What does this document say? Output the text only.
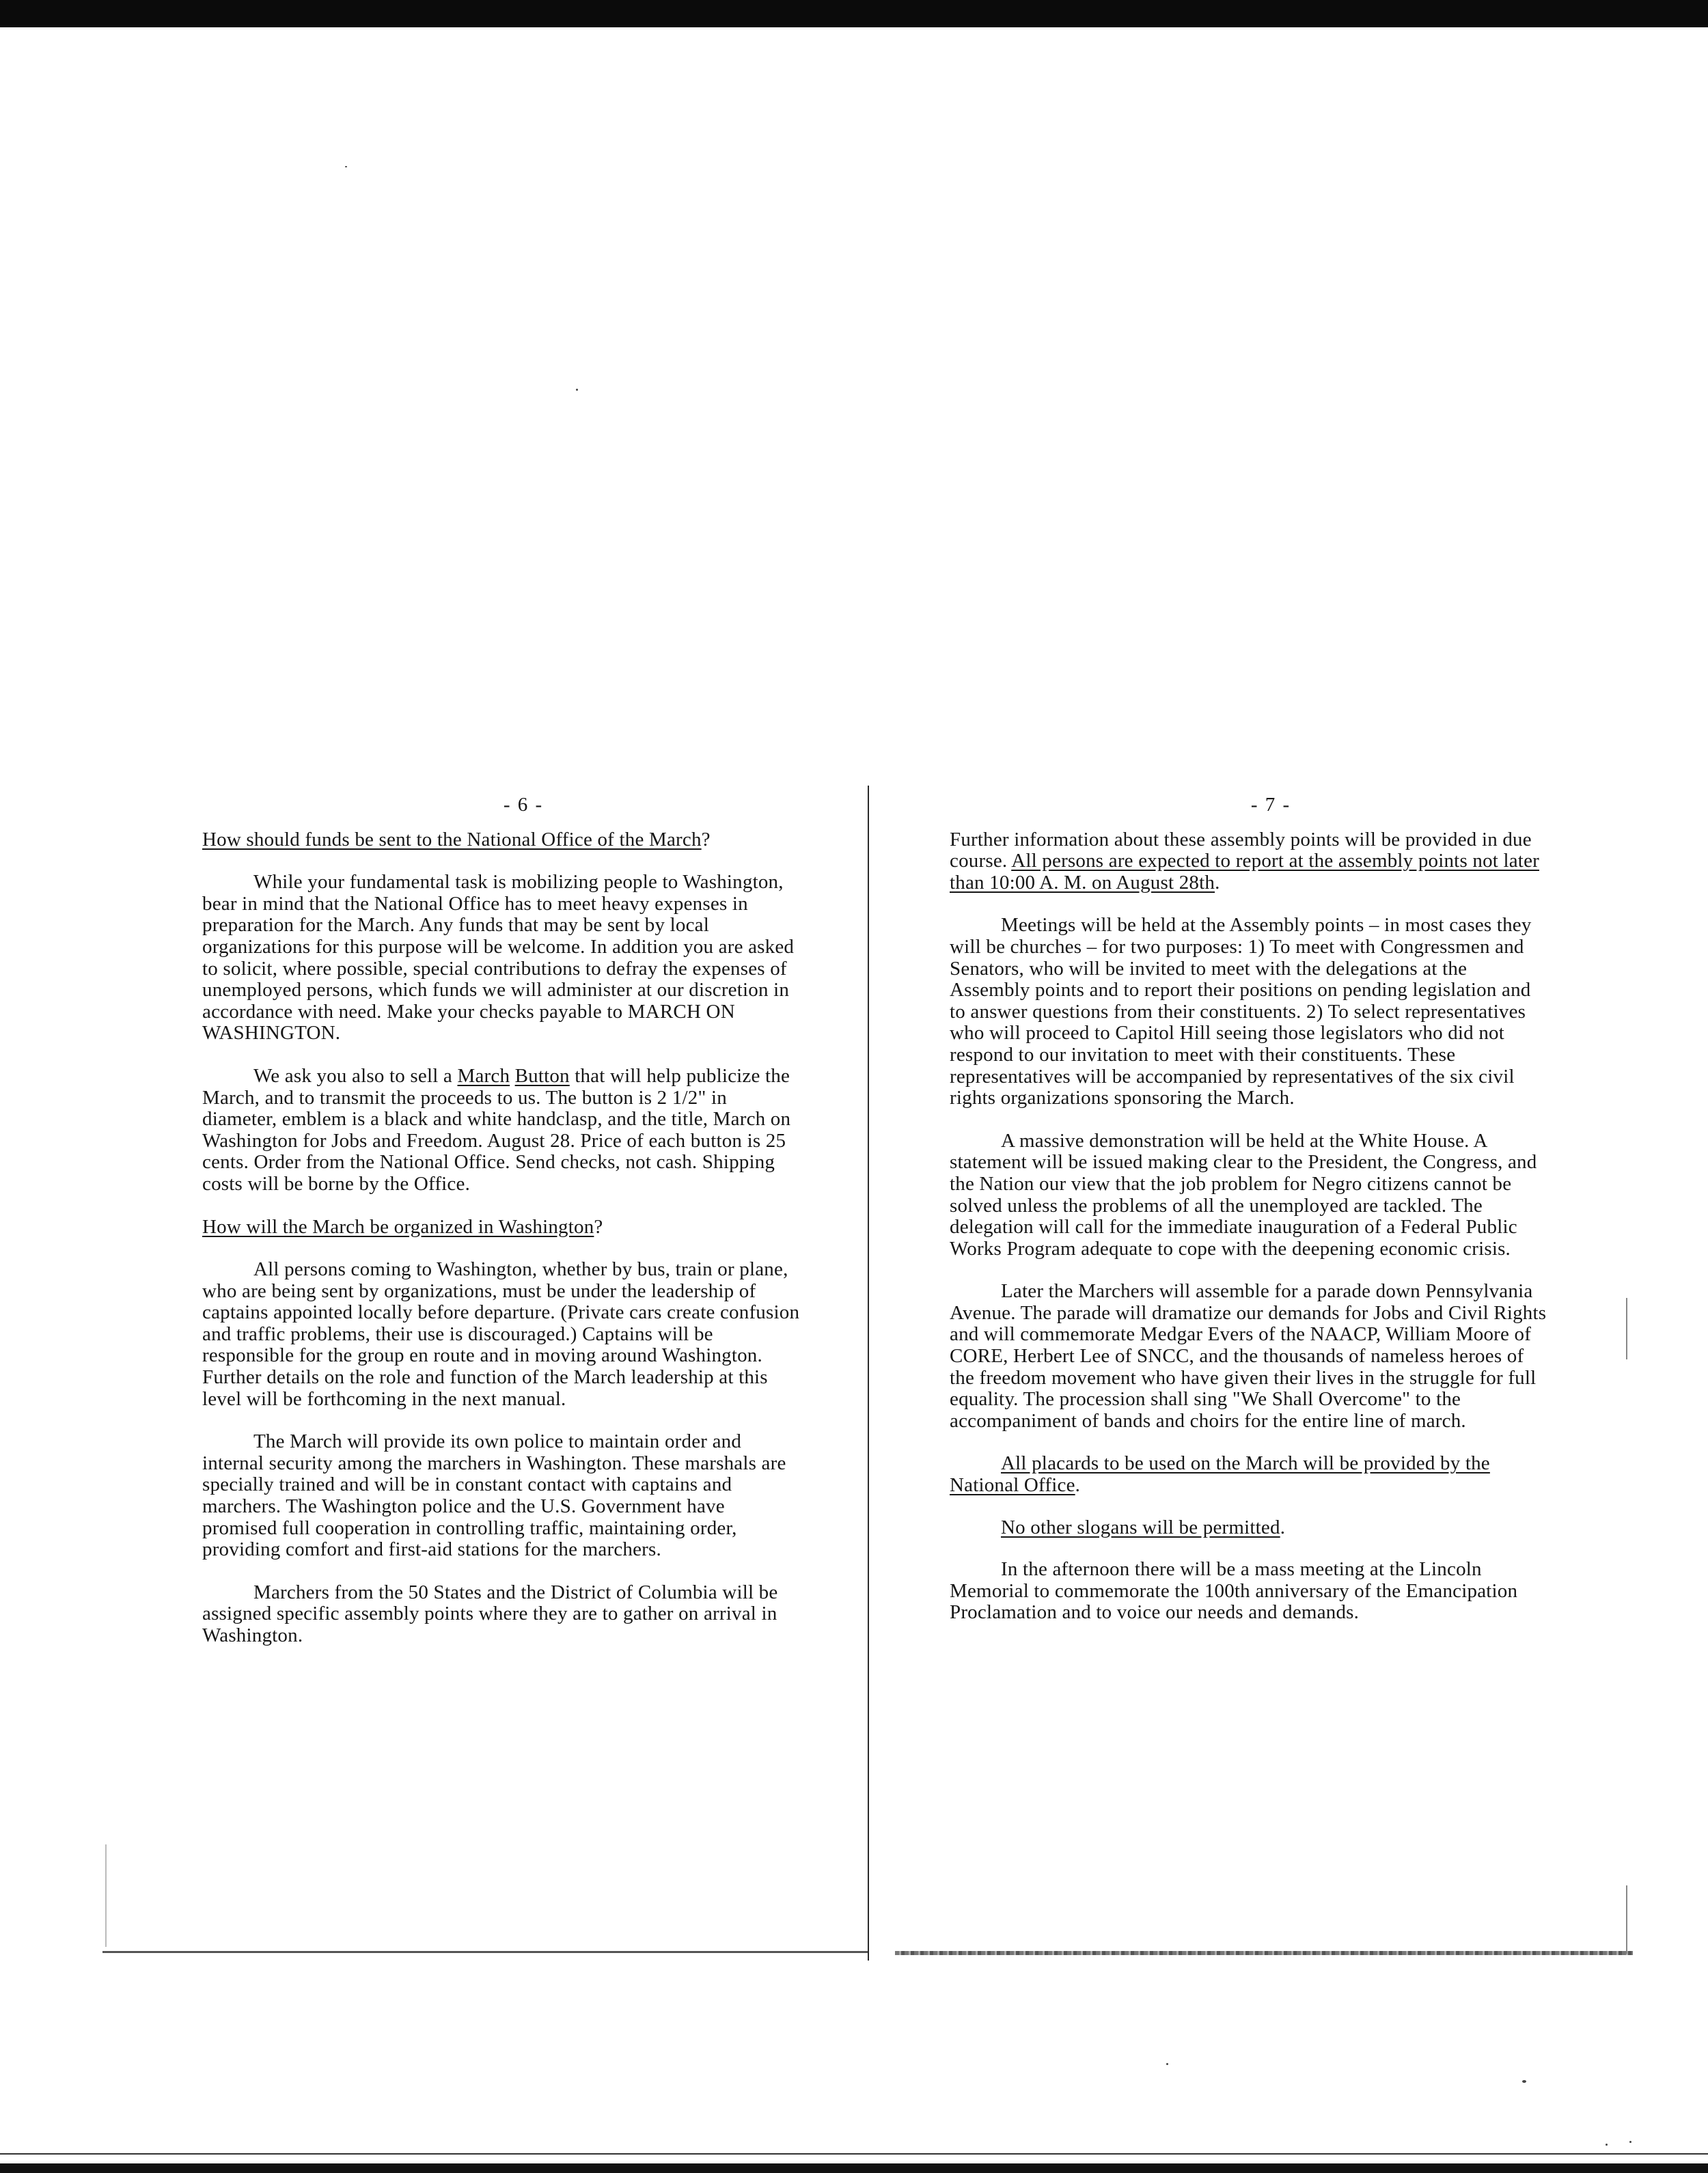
- 6 -
How should funds be sent to the National Office of the March?

While your fundamental task is mobilizing people to Washington, bear in mind that the National Office has to meet heavy expenses in preparation for the March. Any funds that may be sent by local organizations for this purpose will be welcome. In addition you are asked to solicit, where possible, special contributions to defray the expenses of unemployed persons, which funds we will administer at our discretion in accordance with need. Make your checks payable to MARCH ON WASHINGTON.

We ask you also to sell a March Button that will help publicize the March, and to transmit the proceeds to us. The button is 2 1/2" in diameter, emblem is a black and white handclasp, and the title, March on Washington for Jobs and Freedom. August 28. Price of each button is 25 cents. Order from the National Office. Send checks, not cash. Shipping costs will be borne by the Office.

How will the March be organized in Washington?

All persons coming to Washington, whether by bus, train or plane, who are being sent by organizations, must be under the leadership of captains appointed locally before departure. (Private cars create confusion and traffic problems, their use is discouraged.) Captains will be responsible for the group en route and in moving around Washington. Further details on the role and function of the March leadership at this level will be forthcoming in the next manual.

The March will provide its own police to maintain order and internal security among the marchers in Washington. These marshals are specially trained and will be in constant contact with captains and marchers. The Washington police and the U.S. Government have promised full cooperation in controlling traffic, maintaining order, providing comfort and first-aid stations for the marchers.

Marchers from the 50 States and the District of Columbia will be assigned specific assembly points where they are to gather on arrival in Washington.

- 7 -

Further information about these assembly points will be provided in due course. All persons are expected to report at the assembly points not later than 10:00 A. M. on August 28th.

Meetings will be held at the Assembly points – in most cases they will be churches – for two purposes: 1) To meet with Congressmen and Senators, who will be invited to meet with the delegations at the Assembly points and to report their positions on pending legislation and to answer questions from their constituents. 2) To select representatives who will proceed to Capitol Hill seeing those legislators who did not respond to our invitation to meet with their constituents. These representatives will be accompanied by representatives of the six civil rights organizations sponsoring the March.

A massive demonstration will be held at the White House. A statement will be issued making clear to the President, the Congress, and the Nation our view that the job problem for Negro citizens cannot be solved unless the problems of all the unemployed are tackled. The delegation will call for the immediate inauguration of a Federal Public Works Program adequate to cope with the deepening economic crisis.

Later the Marchers will assemble for a parade down Pennsylvania Avenue. The parade will dramatize our demands for Jobs and Civil Rights and will commemorate Medgar Evers of the NAACP, William Moore of CORE, Herbert Lee of SNCC, and the thousands of nameless heroes of the freedom movement who have given their lives in the struggle for full equality. The procession shall sing "We Shall Overcome" to the accompaniment of bands and choirs for the entire line of march.

All placards to be used on the March will be provided by the National Office.

No other slogans will be permitted.

In the afternoon there will be a mass meeting at the Lincoln Memorial to commemorate the 100th anniversary of the Emancipation Proclamation and to voice our needs and demands.
